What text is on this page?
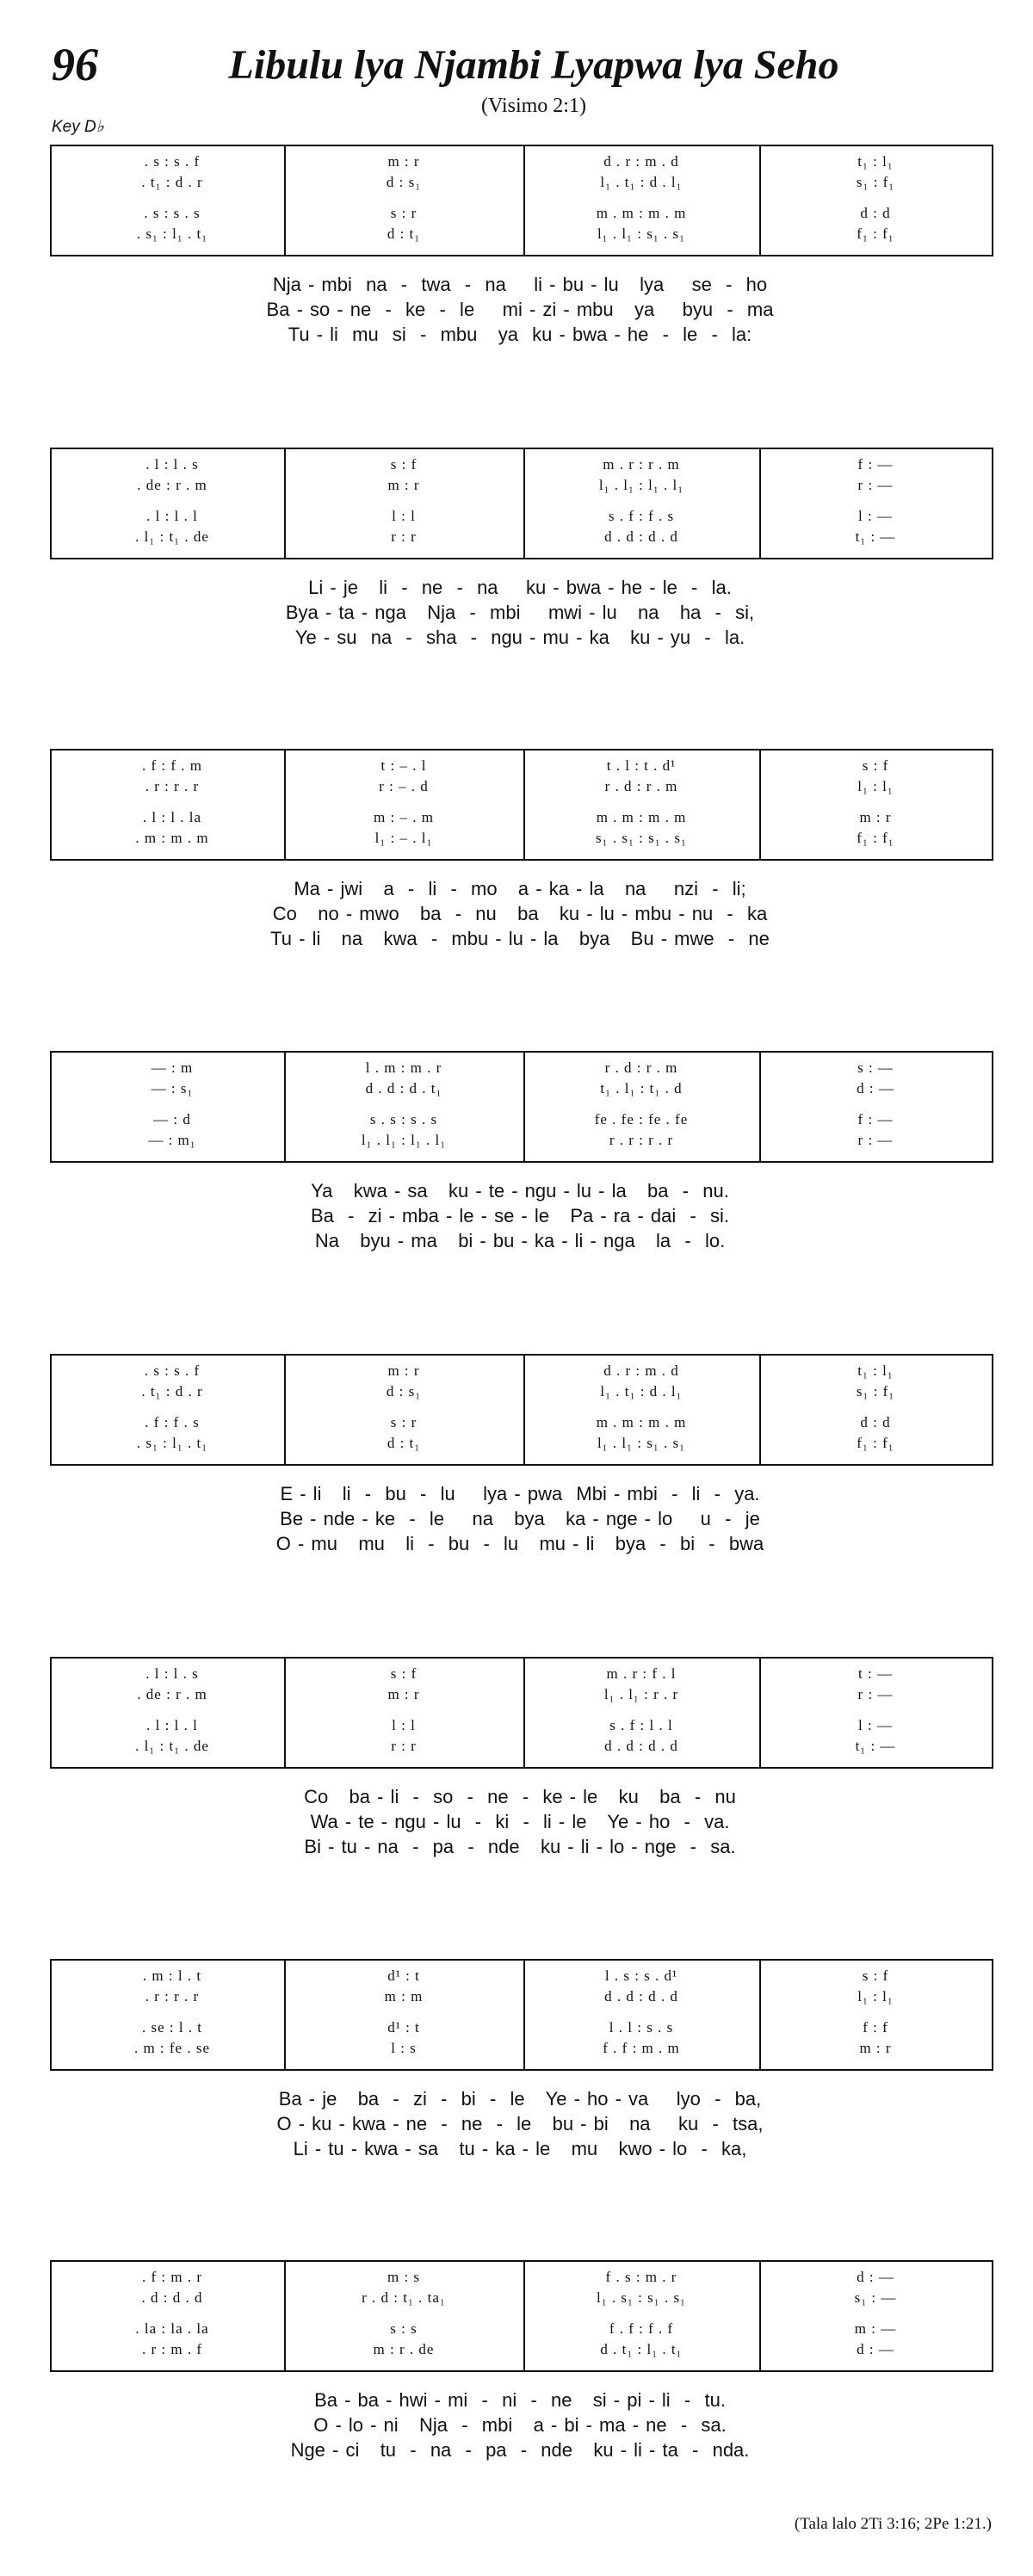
96	Libulu lya Njambi Lyapwa lya Seho
(Visimo 2:1)
Key D♭
. s : s . f	m : r	d . r : m . d	t₁ : l₁
. t₁ : d . r	d : s₁	l₁ . t₁ : d . l₁	s₁ : f₁
. s : s . s	s : r	m . m : m . m	d : d
. s₁ : l₁ . t₁	d : t₁	l₁ . l₁ : s₁ . s₁	f₁ : f₁
Nja - mbi  na  -  twa  -  na    li - bu - lu   lya    se  -  ho
Ba - so - ne  -  ke  -  le    mi - zi - mbu   ya    byu  -  ma
Tu - li  mu  si  -  mbu   ya  ku - bwa - he  -  le  -  la:
. l : l . s	s : f	m . r : r . m	f : —
. de : r . m	m : r	l₁ . l₁ : l₁ . l₁	r : —
. l : l . l	l : l	s . f : f . s	l : —
. l₁ : t₁ . de	r : r	d . d : d . d	t₁ : —
Li - je   li  -  ne  -  na    ku - bwa - he - le  -  la.
Bya - ta - nga   Nja  -  mbi    mwi - lu   na   ha  -  si,
Ye - su  na  -  sha  -  ngu - mu - ka   ku - yu  -  la.
. f : f . m	t : – . l	t . l : t . d¹	s : f
. r : r . r	r : – . d	r . d : r . m	l₁ : l₁
. l : l . la	m : – . m	m . m : m . m	m : r
. m : m . m	l₁ : – . l₁	s₁ . s₁ : s₁ . s₁	f₁ : f₁
Ma - jwi   a  -  li  -  mo   a - ka - la   na    nzi  -  li;
Co   no - mwo   ba  -  nu   ba   ku - lu - mbu - nu  -  ka
Tu - li   na   kwa  -  mbu - lu - la   bya   Bu - mwe  -  ne
— : m	l . m : m . r	r . d : r . m	s : —
— : s₁	d . d : d . t₁	t₁ . l₁ : t₁ . d	d : —
— : d	s . s : s . s	fe . fe : fe . fe	f : —
— : m₁	l₁ . l₁ : l₁ . l₁	r . r : r . r	r : —
Ya   kwa - sa   ku - te - ngu - lu - la   ba  -  nu.
Ba  -  zi - mba - le - se - le   Pa - ra - dai  -  si.
Na   byu - ma   bi - bu - ka - li - nga   la  -  lo.
. s : s . f	m : r	d . r : m . d	t₁ : l₁
. t₁ : d . r	d : s₁	l₁ . t₁ : d . l₁	s₁ : f₁
. f : f . s	s : r	m . m : m . m	d : d
. s₁ : l₁ . t₁	d : t₁	l₁ . l₁ : s₁ . s₁	f₁ : f₁
E - li   li  -  bu  -  lu    lya - pwa  Mbi - mbi  -  li  -  ya.
Be - nde - ke  -  le    na   bya   ka - nge - lo    u  -  je
O - mu   mu   li  -  bu  -  lu   mu - li   bya  -  bi  -  bwa
. l : l . s	s : f	m . r : f . l	t : —
. de : r . m	m : r	l₁ . l₁ : r . r	r : —
. l : l . l	l : l	s . f : l . l	l : —
. l₁ : t₁ . de	r : r	d . d : d . d	t₁ : —
Co   ba - li  -  so  -  ne  -  ke - le   ku   ba  -  nu
Wa - te - ngu - lu  -  ki  -  li - le   Ye - ho  -  va.
Bi - tu - na  -  pa  -  nde   ku - li - lo - nge  -  sa.
. m : l . t	d¹ : t	l . s : s . d¹	s : f
. r : r . r	m : m	d . d : d . d	l₁ : l₁
. se : l . t	d¹ : t	l . l : s . s	f : f
. m : fe . se	l : s	f . f : m . m	m : r
Ba - je   ba  -  zi  -  bi  -  le   Ye - ho - va    lyo  -  ba,
O - ku - kwa - ne  -  ne  -  le   bu - bi   na    ku  -  tsa,
Li - tu - kwa - sa   tu - ka - le   mu   kwo - lo  -  ka,
. f : m . r	m : s	f . s : m . r	d : —
. d : d . d	r . d : t₁ . ta₁	l₁ . s₁ : s₁ . s₁	s₁ : —
. la : la . la	s : s	f . f : f . f	m : —
. r : m . f	m : r . de	d . t₁ : l₁ . t₁	d : —
Ba - ba - hwi - mi  -  ni  -  ne   si - pi - li  -  tu.
O - lo - ni   Nja  -  mbi   a - bi - ma - ne  -  sa.
Nge - ci   tu  -  na  -  pa  -  nde   ku - li - ta  -  nda.
(Tala lalo 2Ti 3:16; 2Pe 1:21.)
